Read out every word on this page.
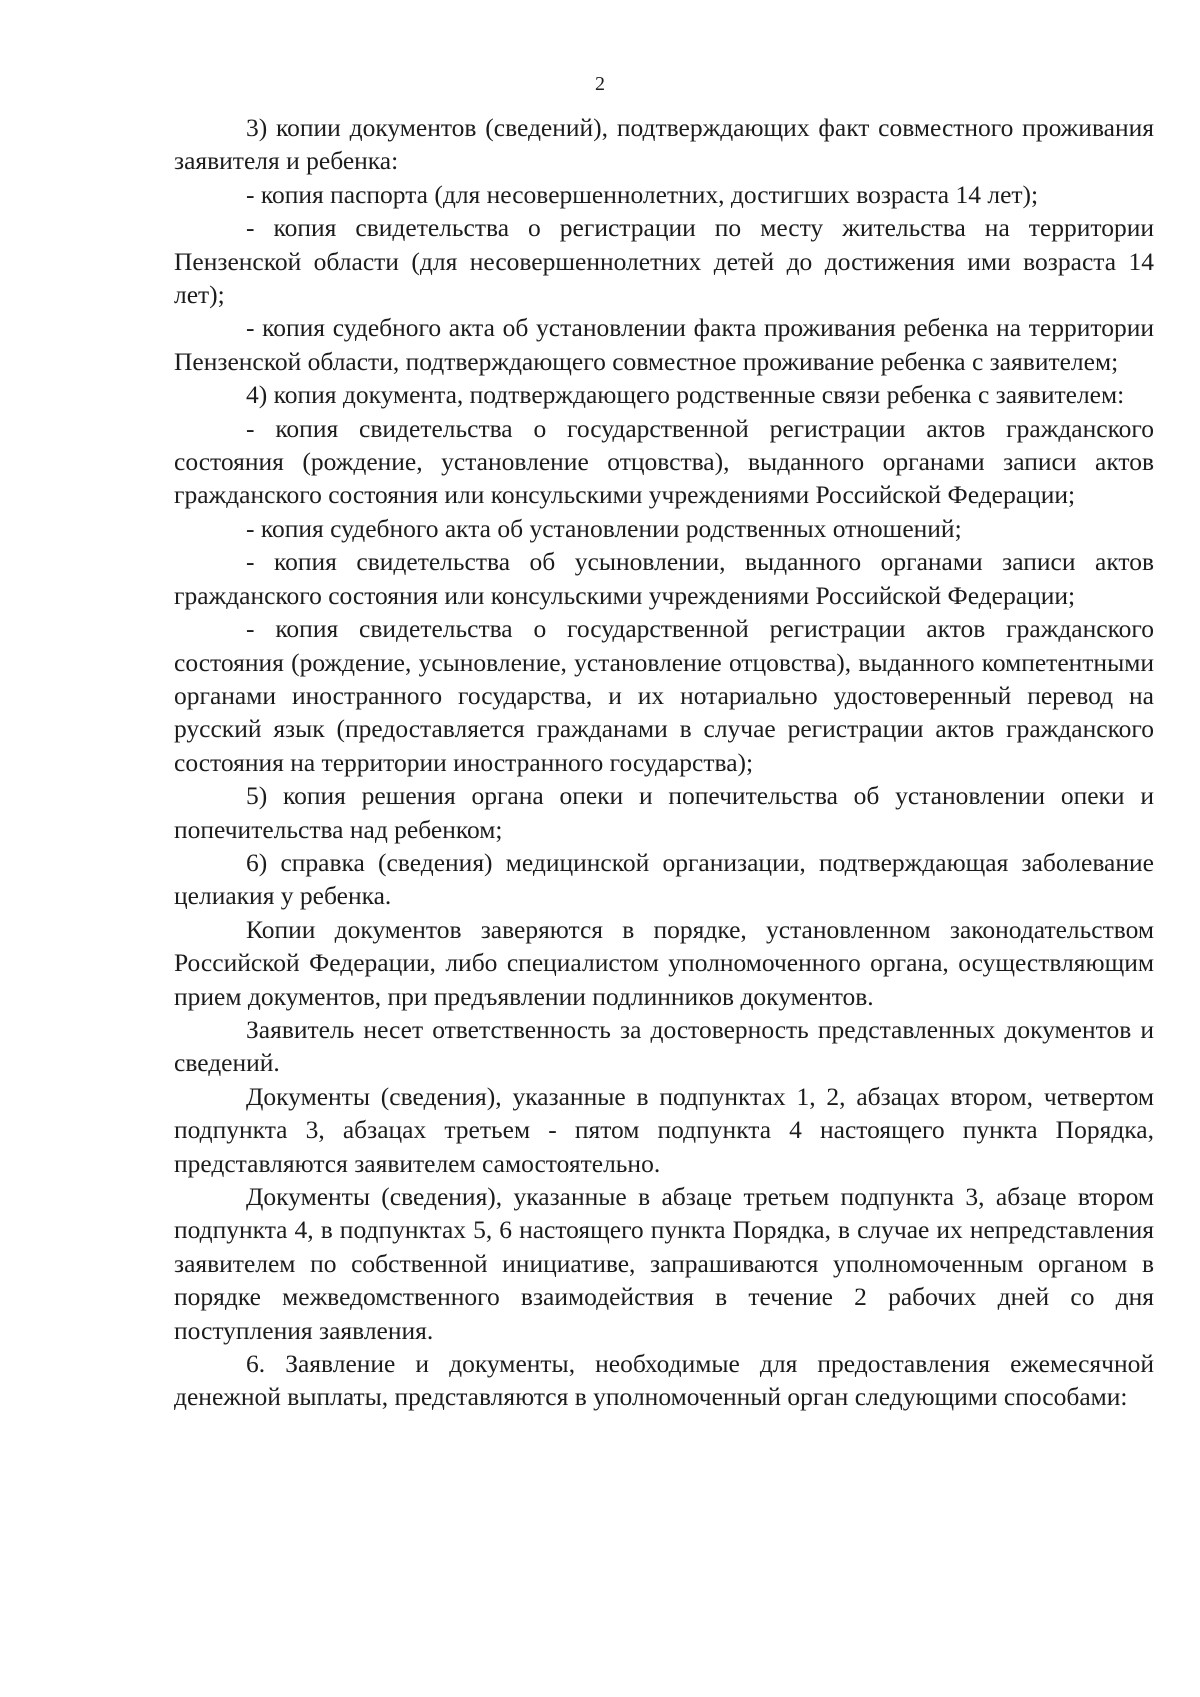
2

3) копии документов (сведений), подтверждающих факт совместного проживания заявителя и ребенка:

- копия паспорта (для несовершеннолетних, достигших возраста 14 лет);

- копия свидетельства о регистрации по месту жительства на территории Пензенской области (для несовершеннолетних детей до достижения ими возраста 14 лет);

- копия судебного акта об установлении факта проживания ребенка на территории Пензенской области, подтверждающего совместное проживание ребенка с заявителем;

4) копия документа, подтверждающего родственные связи ребенка с заявителем:

- копия свидетельства о государственной регистрации актов гражданского состояния (рождение, установление отцовства), выданного органами записи актов гражданского состояния или консульскими учреждениями Российской Федерации;

- копия судебного акта об установлении родственных отношений;

- копия свидетельства об усыновлении, выданного органами записи актов гражданского состояния или консульскими учреждениями Российской Федерации;

- копия свидетельства о государственной регистрации актов гражданского состояния (рождение, усыновление, установление отцовства), выданного компетентными органами иностранного государства, и их нотариально удостоверенный перевод на русский язык (предоставляется гражданами в случае регистрации актов гражданского состояния на территории иностранного государства);

5) копия решения органа опеки и попечительства об установлении опеки и попечительства над ребенком;

6) справка (сведения) медицинской организации, подтверждающая заболевание целиакия у ребенка.

Копии документов заверяются в порядке, установленном законодательством Российской Федерации, либо специалистом уполномоченного органа, осуществляющим прием документов, при предъявлении подлинников документов.

Заявитель несет ответственность за достоверность представленных документов и сведений.

Документы (сведения), указанные в подпунктах 1, 2, абзацах втором, четвертом подпункта 3, абзацах третьем - пятом подпункта 4 настоящего пункта Порядка, представляются заявителем самостоятельно.

Документы (сведения), указанные в абзаце третьем подпункта 3, абзаце втором подпункта 4, в подпунктах 5, 6 настоящего пункта Порядка, в случае их непредставления заявителем по собственной инициативе, запрашиваются уполномоченным органом в порядке межведомственного взаимодействия в течение 2 рабочих дней со дня поступления заявления.

6. Заявление и документы, необходимые для предоставления ежемесячной денежной выплаты, представляются в уполномоченный орган следующими способами:
